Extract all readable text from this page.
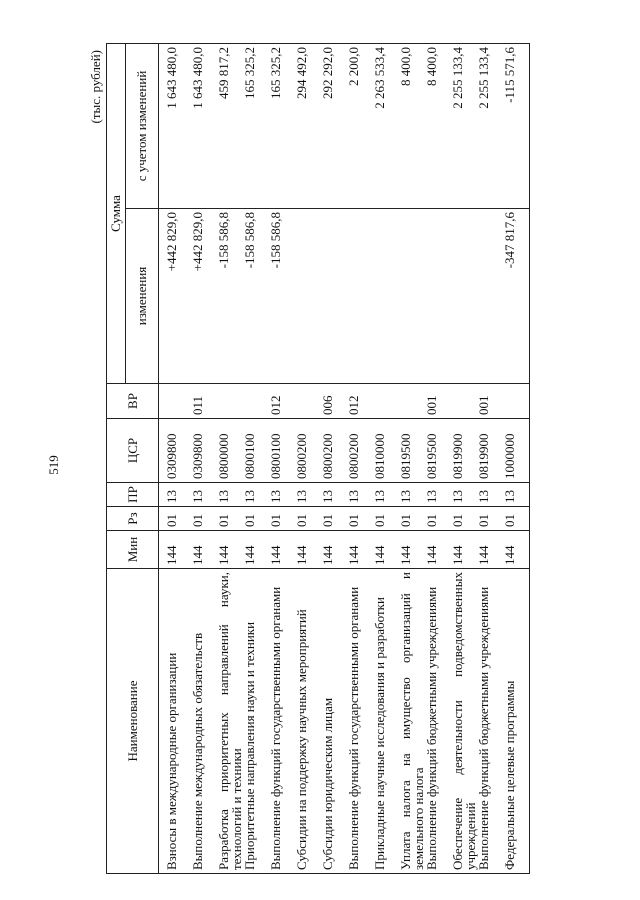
519
(тыс. рублей)
Наименование	Мин	Рз	ПР	ЦСР	ВР	Сумма	
						изменения	с учетом изменений
Взносы в международные организации	144	01	13	0309800		+442 829,0	1 643 480,0
Выполнение международных обязательств	144	01	13	0309800	011	+442 829,0	1 643 480,0
Разработка приоритетных направлений науки, технологий и техники	144	01	13	0800000		-158 586,8	459 817,2
Приоритетные направления науки и техники	144	01	13	0800100		-158 586,8	165 325,2
Выполнение функций государственными органами	144	01	13	0800100	012	-158 586,8	165 325,2
Субсидии на поддержку научных мероприятий	144	01	13	0800200			294 492,0
Субсидии юридическим лицам	144	01	13	0800200	006		292 292,0
Выполнение функций государственными органами	144	01	13	0800200	012		2 200,0
Прикладные научные исследования и разработки	144	01	13	0810000			2 263 533,4
Уплата налога на имущество организаций и земельного налога	144	01	13	0819500			8 400,0
Выполнение функций бюджетными учреждениями	144	01	13	0819500	001		8 400,0
Обеспечение деятельности подведомственных учреждений	144	01	13	0819900			2 255 133,4
Выполнение функций бюджетными учреждениями	144	01	13	0819900	001		2 255 133,4
Федеральные целевые программы	144	01	13	1000000		-347 817,6	-115 571,6
